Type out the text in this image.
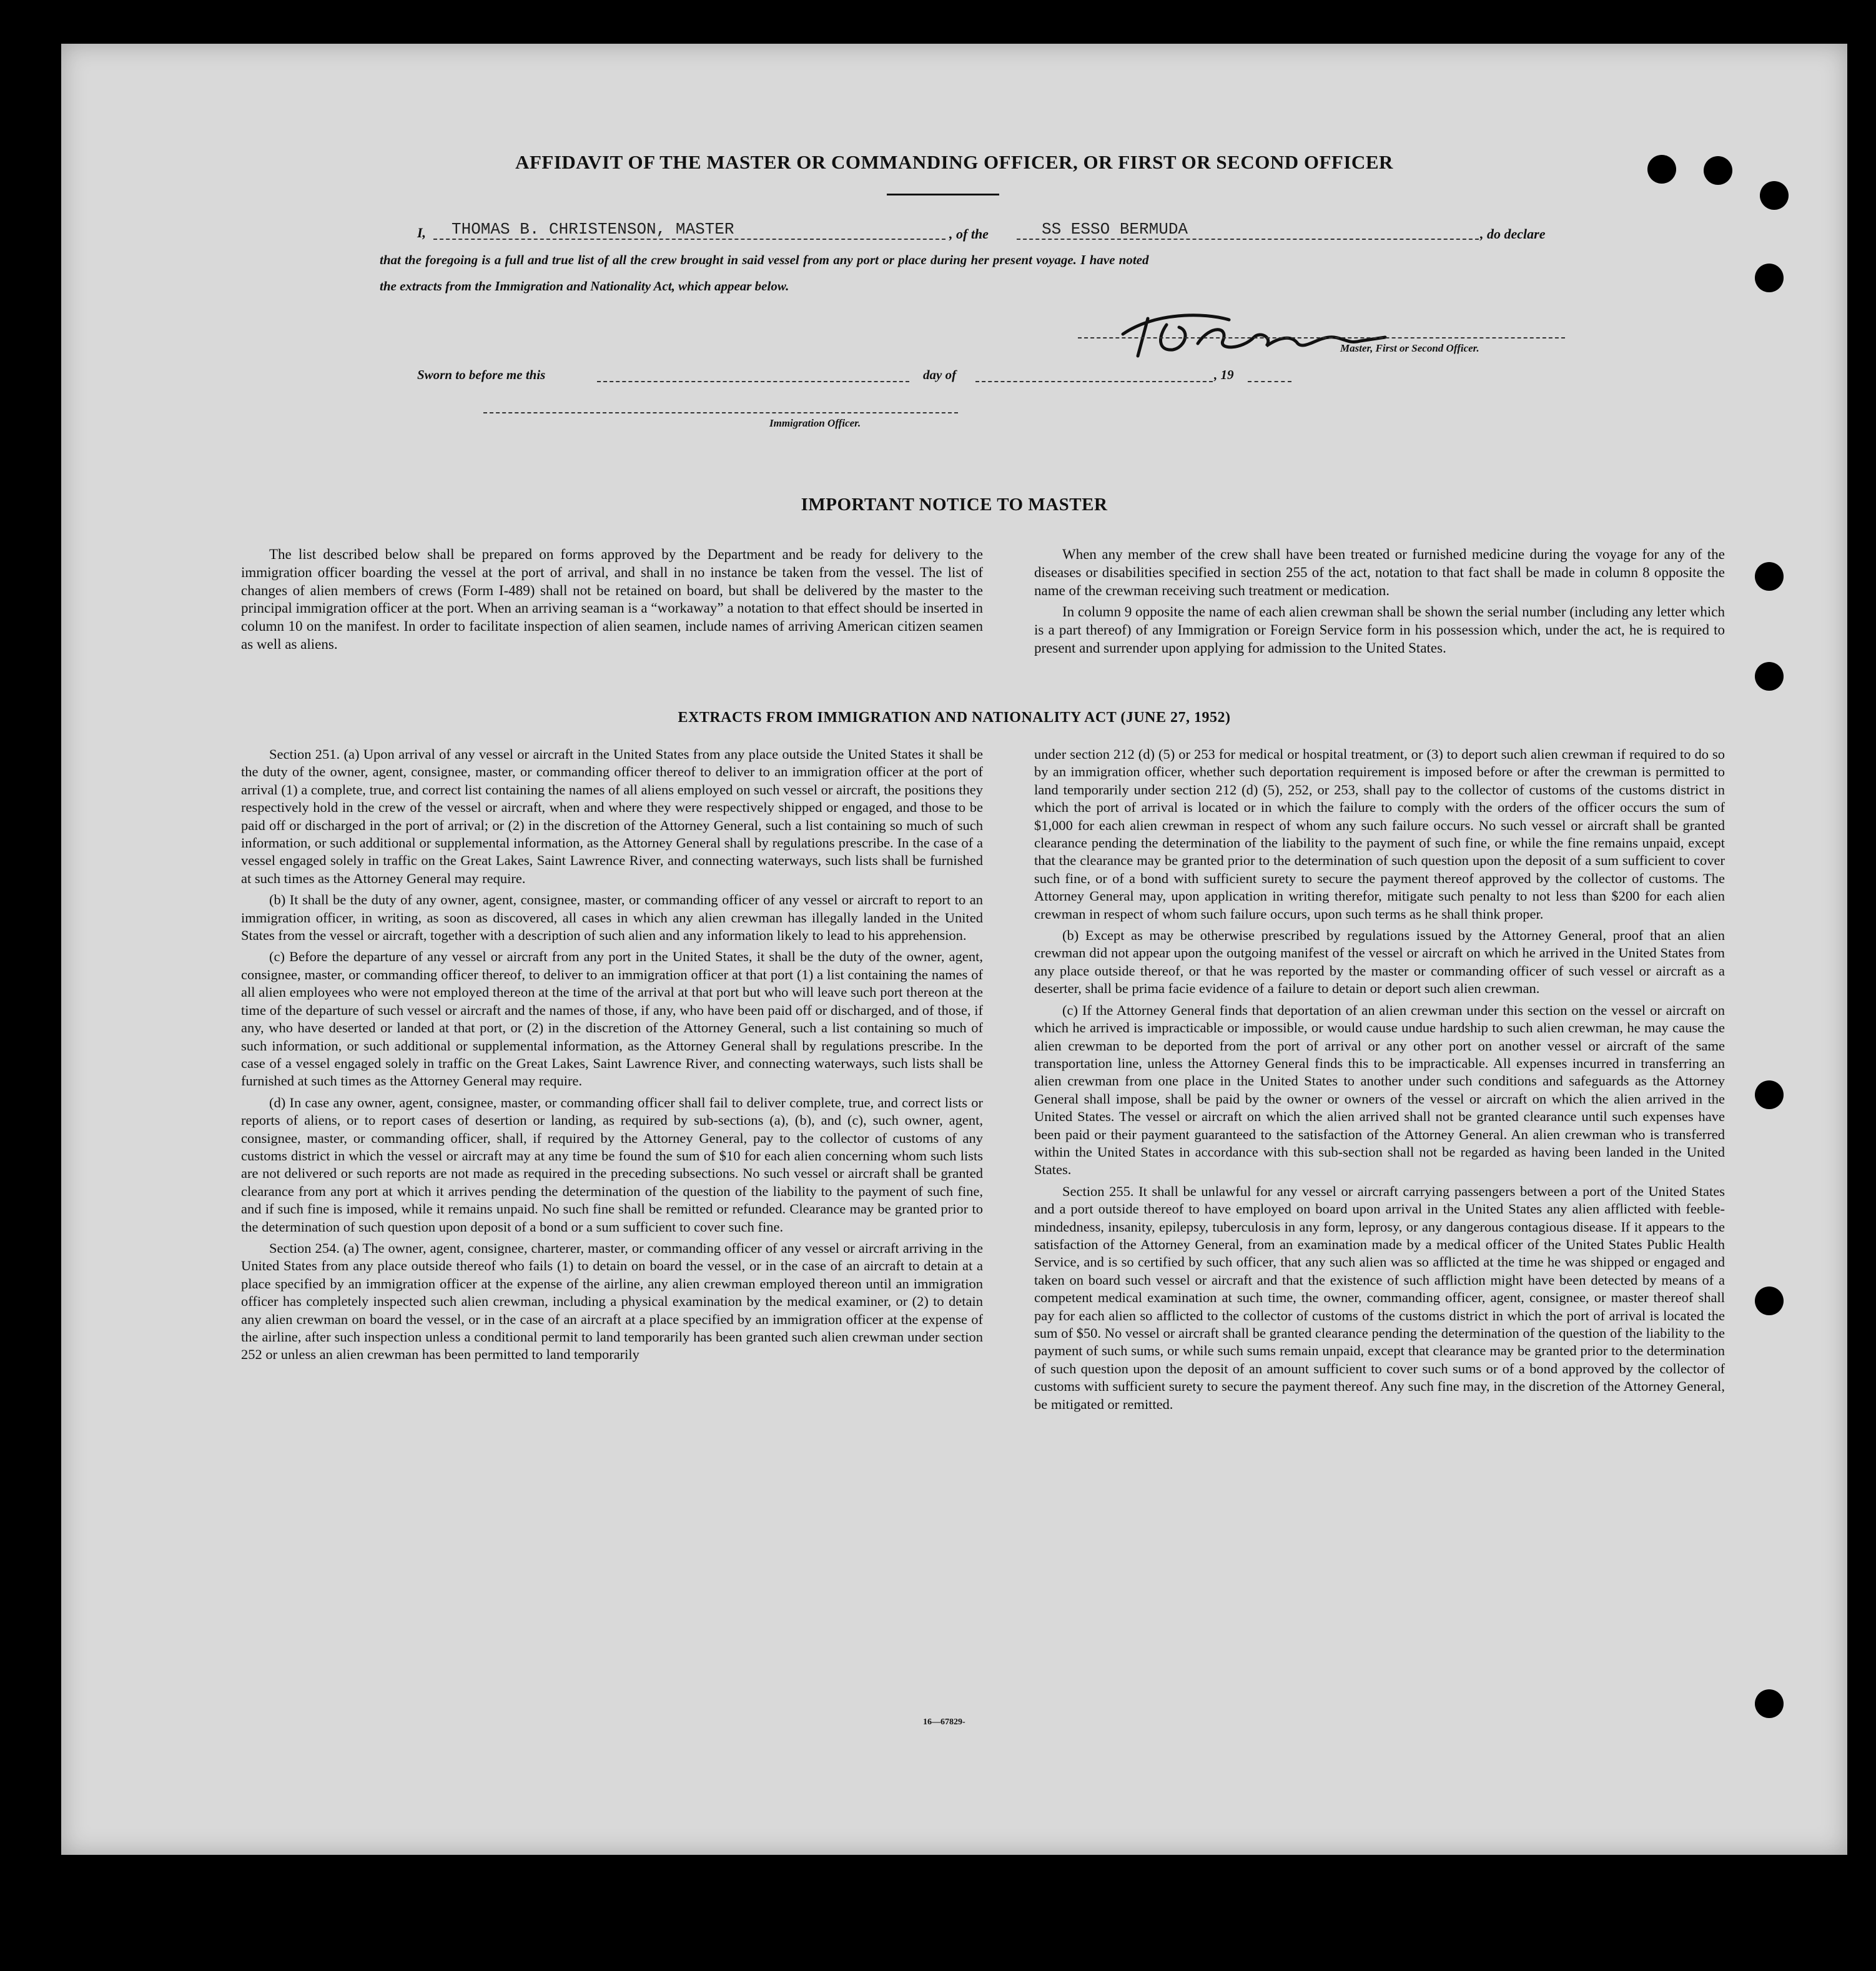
AFFIDAVIT OF THE MASTER OR COMMANDING OFFICER, OR FIRST OR SECOND OFFICER
I, THOMAS B. CHRISTENSON, MASTER	, of the	SS ESSO BERMUDA	, do declare
that the foregoing is a full and true list of all the crew brought in said vessel from any port or place during her present voyage. I have noted
the extracts from the Immigration and Nationality Act, which appear below.
Master, First or Second Officer.
Sworn to before me this	day of	, 19
Immigration Officer.
IMPORTANT NOTICE TO MASTER

The list described below shall be prepared on forms approved by the Department and be ready for delivery to the immigration officer boarding the vessel at the port of arrival, and shall in no instance be taken from the vessel. The list of changes of alien members of crews (Form I-489) shall not be retained on board, but shall be delivered by the master to the principal immigration officer at the port. When an arriving seaman is a “workaway” a notation to that effect should be inserted in column 10 on the manifest. In order to facilitate inspection of alien seamen, include names of arriving American citizen seamen as well as aliens.

When any member of the crew shall have been treated or furnished medicine during the voyage for any of the diseases or disabilities specified in section 255 of the act, notation to that fact shall be made in column 8 opposite the name of the crewman receiving such treatment or medication.

In column 9 opposite the name of each alien crewman shall be shown the serial number (including any letter which is a part thereof) of any Immigration or Foreign Service form in his possession which, under the act, he is required to present and surrender upon applying for admission to the United States.

EXTRACTS FROM IMMIGRATION AND NATIONALITY ACT (JUNE 27, 1952)

Section 251. (a) Upon arrival of any vessel or aircraft in the United States from any place outside the United States it shall be the duty of the owner, agent, consignee, master, or commanding officer thereof to deliver to an immigration officer at the port of arrival (1) a complete, true, and correct list containing the names of all aliens employed on such vessel or aircraft, the positions they respectively hold in the crew of the vessel or aircraft, when and where they were respectively shipped or engaged, and those to be paid off or discharged in the port of arrival; or (2) in the discretion of the Attorney General, such a list containing so much of such information, or such additional or supplemental information, as the Attorney General shall by regulations prescribe. In the case of a vessel engaged solely in traffic on the Great Lakes, Saint Lawrence River, and connecting waterways, such lists shall be furnished at such times as the Attorney General may require.

(b) It shall be the duty of any owner, agent, consignee, master, or commanding officer of any vessel or aircraft to report to an immigration officer, in writing, as soon as discovered, all cases in which any alien crewman has illegally landed in the United States from the vessel or aircraft, together with a description of such alien and any information likely to lead to his apprehension.

(c) Before the departure of any vessel or aircraft from any port in the United States, it shall be the duty of the owner, agent, consignee, master, or commanding officer thereof, to deliver to an immigration officer at that port (1) a list containing the names of all alien employees who were not employed thereon at the time of the arrival at that port but who will leave such port thereon at the time of the departure of such vessel or aircraft and the names of those, if any, who have been paid off or discharged, and of those, if any, who have deserted or landed at that port, or (2) in the discretion of the Attorney General, such a list containing so much of such information, or such additional or supplemental information, as the Attorney General shall by regulations prescribe. In the case of a vessel engaged solely in traffic on the Great Lakes, Saint Lawrence River, and connecting waterways, such lists shall be furnished at such times as the Attorney General may require.

(d) In case any owner, agent, consignee, master, or commanding officer shall fail to deliver complete, true, and correct lists or reports of aliens, or to report cases of desertion or landing, as required by sub-sections (a), (b), and (c), such owner, agent, consignee, master, or commanding officer, shall, if required by the Attorney General, pay to the collector of customs of any customs district in which the vessel or aircraft may at any time be found the sum of $10 for each alien concerning whom such lists are not delivered or such reports are not made as required in the preceding subsections. No such vessel or aircraft shall be granted clearance from any port at which it arrives pending the determination of the question of the liability to the payment of such fine, and if such fine is imposed, while it remains unpaid. No such fine shall be remitted or refunded. Clearance may be granted prior to the determination of such question upon deposit of a bond or a sum sufficient to cover such fine.

Section 254. (a) The owner, agent, consignee, charterer, master, or commanding officer of any vessel or aircraft arriving in the United States from any place outside thereof who fails (1) to detain on board the vessel, or in the case of an aircraft to detain at a place specified by an immigration officer at the expense of the airline, any alien crewman employed thereon until an immigration officer has completely inspected such alien crewman, including a physical examination by the medical examiner, or (2) to detain any alien crewman on board the vessel, or in the case of an aircraft at a place specified by an immigration officer at the expense of the airline, after such inspection unless a conditional permit to land temporarily has been granted such alien crewman under section 252 or unless an alien crewman has been permitted to land temporarily

under section 212 (d) (5) or 253 for medical or hospital treatment, or (3) to deport such alien crewman if required to do so by an immigration officer, whether such deportation requirement is imposed before or after the crewman is permitted to land temporarily under section 212 (d) (5), 252, or 253, shall pay to the collector of customs of the customs district in which the port of arrival is located or in which the failure to comply with the orders of the officer occurs the sum of $1,000 for each alien crewman in respect of whom any such failure occurs. No such vessel or aircraft shall be granted clearance pending the determination of the liability to the payment of such fine, or while the fine remains unpaid, except that the clearance may be granted prior to the determination of such question upon the deposit of a sum sufficient to cover such fine, or of a bond with sufficient surety to secure the payment thereof approved by the collector of customs. The Attorney General may, upon application in writing therefor, mitigate such penalty to not less than $200 for each alien crewman in respect of whom such failure occurs, upon such terms as he shall think proper.

(b) Except as may be otherwise prescribed by regulations issued by the Attorney General, proof that an alien crewman did not appear upon the outgoing manifest of the vessel or aircraft on which he arrived in the United States from any place outside thereof, or that he was reported by the master or commanding officer of such vessel or aircraft as a deserter, shall be prima facie evidence of a failure to detain or deport such alien crewman.

(c) If the Attorney General finds that deportation of an alien crewman under this section on the vessel or aircraft on which he arrived is impracticable or impossible, or would cause undue hardship to such alien crewman, he may cause the alien crewman to be deported from the port of arrival or any other port on another vessel or aircraft of the same transportation line, unless the Attorney General finds this to be impracticable. All expenses incurred in transferring an alien crewman from one place in the United States to another under such conditions and safeguards as the Attorney General shall impose, shall be paid by the owner or owners of the vessel or aircraft on which the alien arrived in the United States. The vessel or aircraft on which the alien arrived shall not be granted clearance until such expenses have been paid or their payment guaranteed to the satisfaction of the Attorney General. An alien crewman who is transferred within the United States in accordance with this sub-section shall not be regarded as having been landed in the United States.

Section 255. It shall be unlawful for any vessel or aircraft carrying passengers between a port of the United States and a port outside thereof to have employed on board upon arrival in the United States any alien afflicted with feeble-mindedness, insanity, epilepsy, tuberculosis in any form, leprosy, or any dangerous contagious disease. If it appears to the satisfaction of the Attorney General, from an examination made by a medical officer of the United States Public Health Service, and is so certified by such officer, that any such alien was so afflicted at the time he was shipped or engaged and taken on board such vessel or aircraft and that the existence of such affliction might have been detected by means of a competent medical examination at such time, the owner, commanding officer, agent, consignee, or master thereof shall pay for each alien so afflicted to the collector of customs of the customs district in which the port of arrival is located the sum of $50. No vessel or aircraft shall be granted clearance pending the determination of the question of the liability to the payment of such sums, or while such sums remain unpaid, except that clearance may be granted prior to the determination of such question upon the deposit of an amount sufficient to cover such sums or of a bond approved by the collector of customs with sufficient surety to secure the payment thereof. Any such fine may, in the discretion of the Attorney General, be mitigated or remitted.

16—67829-
